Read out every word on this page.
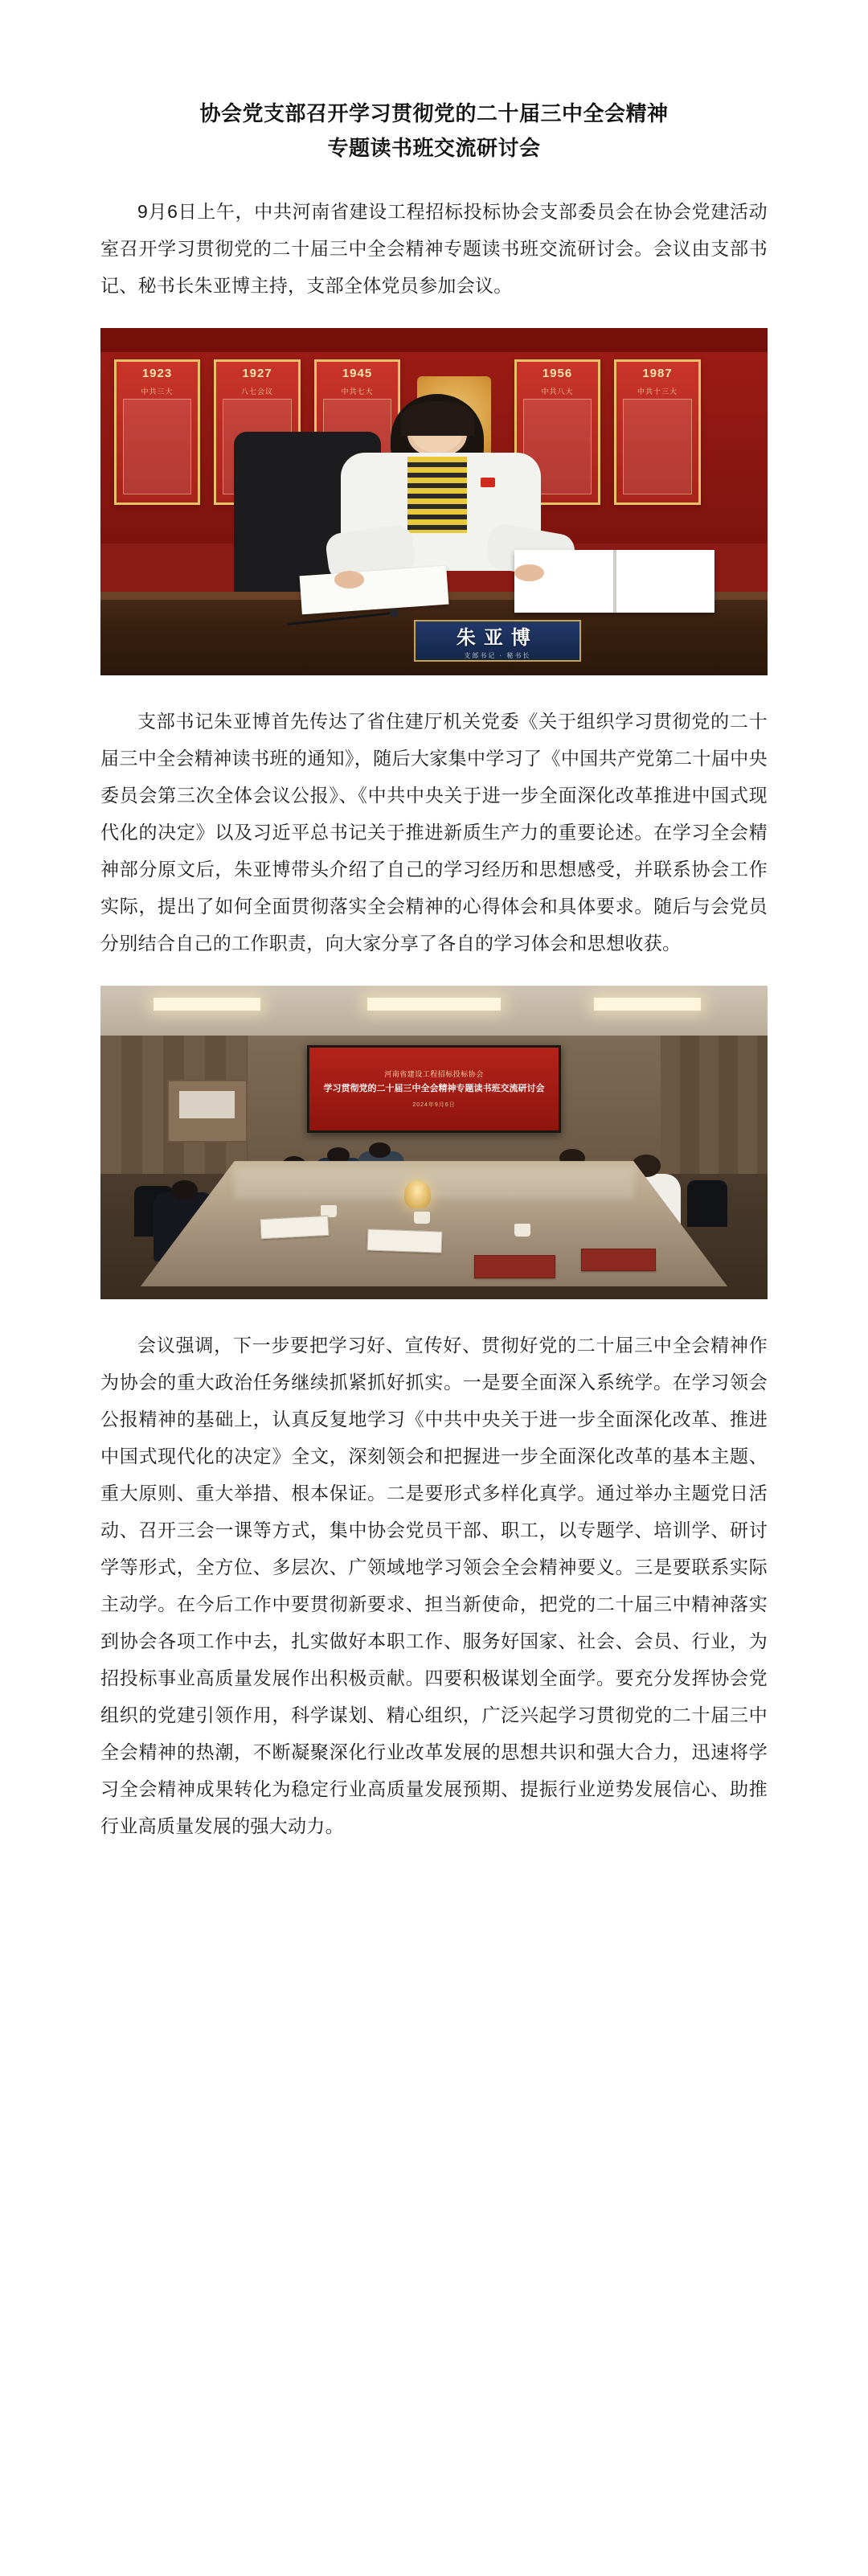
协会党支部召开学习贯彻党的二十届三中全会精神
专题读书班交流研讨会
9月6日上午，中共河南省建设工程招标投标协会支部委员会在协会党建活动室召开学习贯彻党的二十届三中全会精神专题读书班交流研讨会。会议由支部书记、秘书长朱亚博主持，支部全体党员参加会议。
1923
中共三大
1927
八七会议
1945
中共七大
1956
中共八大
1987
中共十三大
朱亚博
支部书记 · 秘书长
支部书记朱亚博首先传达了省住建厅机关党委《关于组织学习贯彻党的二十届三中全会精神读书班的通知》，随后大家集中学习了《中国共产党第二十届中央委员会第三次全体会议公报》、《中共中央关于进一步全面深化改革推进中国式现代化的决定》以及习近平总书记关于推进新质生产力的重要论述。在学习全会精神部分原文后，朱亚博带头介绍了自己的学习经历和思想感受，并联系协会工作实际，提出了如何全面贯彻落实全会精神的心得体会和具体要求。随后与会党员分别结合自己的工作职责，向大家分享了各自的学习体会和思想收获。
河南省建设工程招标投标协会
学习贯彻党的二十届三中全会精神专题读书班交流研讨会
2024年9月6日
会议强调，下一步要把学习好、宣传好、贯彻好党的二十届三中全会精神作为协会的重大政治任务继续抓紧抓好抓实。一是要全面深入系统学。在学习领会公报精神的基础上，认真反复地学习《中共中央关于进一步全面深化改革、推进中国式现代化的决定》全文，深刻领会和把握进一步全面深化改革的基本主题、重大原则、重大举措、根本保证。二是要形式多样化真学。通过举办主题党日活动、召开三会一课等方式，集中协会党员干部、职工，以专题学、培训学、研讨学等形式，全方位、多层次、广领域地学习领会全会精神要义。三是要联系实际主动学。在今后工作中要贯彻新要求、担当新使命，把党的二十届三中精神落实到协会各项工作中去，扎实做好本职工作、服务好国家、社会、会员、行业，为招投标事业高质量发展作出积极贡献。四要积极谋划全面学。要充分发挥协会党组织的党建引领作用，科学谋划、精心组织，广泛兴起学习贯彻党的二十届三中全会精神的热潮，不断凝聚深化行业改革发展的思想共识和强大合力，迅速将学习全会精神成果转化为稳定行业高质量发展预期、提振行业逆势发展信心、助推行业高质量发展的强大动力。
